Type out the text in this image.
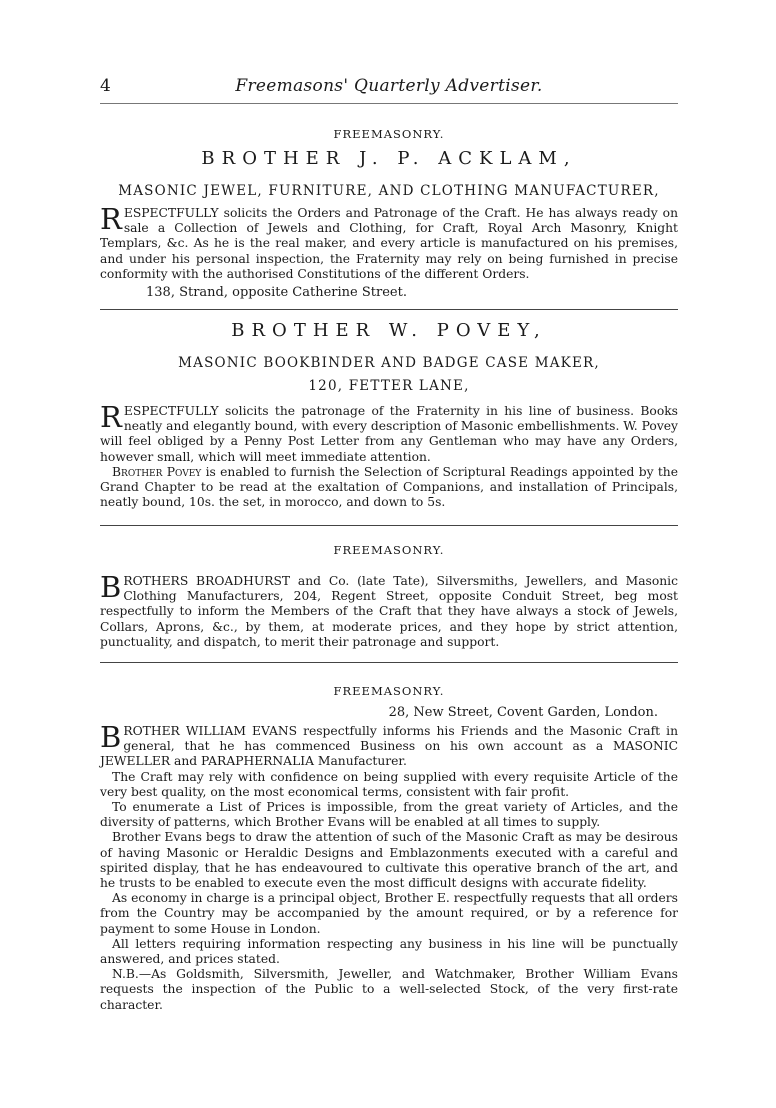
4	Freemasons' Quarterly Advertiser.
FREEMASONRY.
BROTHER J. P. ACKLAM,
MASONIC JEWEL, FURNITURE, AND CLOTHING MANUFACTURER,
RESPECTFULLY solicits the Orders and Patronage of the Craft. He has always ready on sale a Collection of Jewels and Clothing, for Craft, Royal Arch Masonry, Knight Templars, &c. As he is the real maker, and every article is manufactured on his premises, and under his personal inspection, the Fraternity may rely on being furnished in precise conformity with the authorised Constitutions of the different Orders.
138, Strand, opposite Catherine Street.
BROTHER W. POVEY,
MASONIC BOOKBINDER AND BADGE CASE MAKER,
120, FETTER LANE,
RESPECTFULLY solicits the patronage of the Fraternity in his line of business. Books neatly and elegantly bound, with every description of Masonic embellishments. W. Povey will feel obliged by a Penny Post Letter from any Gentleman who may have any Orders, however small, which will meet immediate attention.

Brother Povey is enabled to furnish the Selection of Scriptural Readings appointed by the Grand Chapter to be read at the exaltation of Companions, and installation of Principals, neatly bound, 10s. the set, in morocco, and down to 5s.

FREEMASONRY.
BROTHERS BROADHURST and Co. (late Tate), Silversmiths, Jewellers, and Masonic Clothing Manufacturers, 204, Regent Street, opposite Conduit Street, beg most respectfully to inform the Members of the Craft that they have always a stock of Jewels, Collars, Aprons, &c., by them, at moderate prices, and they hope by strict attention, punctuality, and dispatch, to merit their patronage and support.
FREEMASONRY.
28, New Street, Covent Garden, London.
BROTHER WILLIAM EVANS respectfully informs his Friends and the Masonic Craft in general, that he has commenced Business on his own account as a MASONIC JEWELLER and PARAPHERNALIA Manufacturer.

The Craft may rely with confidence on being supplied with every requisite Article of the very best quality, on the most economical terms, consistent with fair profit.

To enumerate a List of Prices is impossible, from the great variety of Articles, and the diversity of patterns, which Brother Evans will be enabled at all times to supply.

Brother Evans begs to draw the attention of such of the Masonic Craft as may be desirous of having Masonic or Heraldic Designs and Emblazonments executed with a careful and spirited display, that he has endeavoured to cultivate this operative branch of the art, and he trusts to be enabled to execute even the most difficult designs with accurate fidelity.

As economy in charge is a principal object, Brother E. respectfully requests that all orders from the Country may be accompanied by the amount required, or by a reference for payment to some House in London.

All letters requiring information respecting any business in his line will be punctually answered, and prices stated.

N.B.—As Goldsmith, Silversmith, Jeweller, and Watchmaker, Brother William Evans requests the inspection of the Public to a well-selected Stock, of the very first-rate character.
